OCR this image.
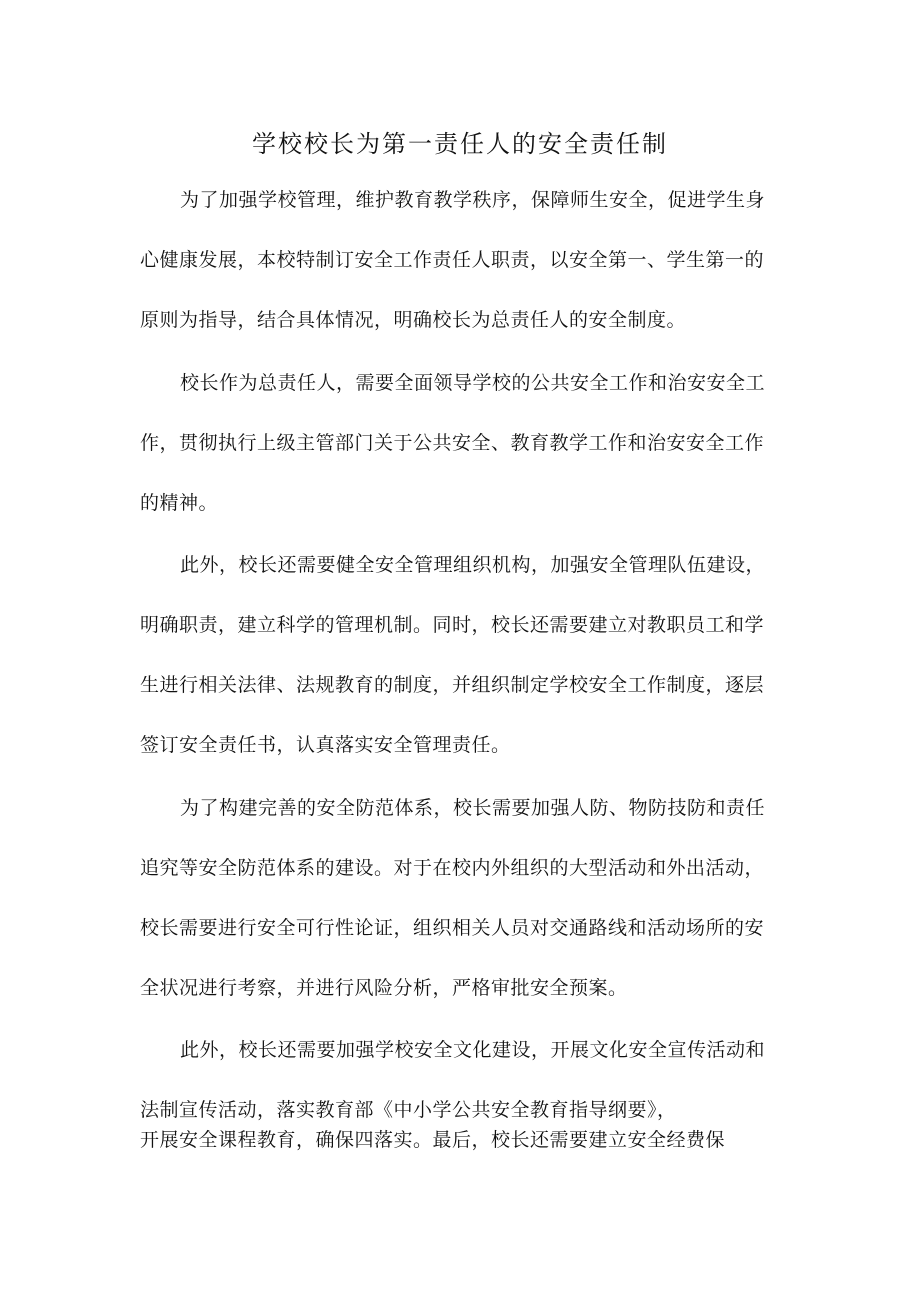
学校校长为第一责任人的安全责任制
为了加强学校管理，维护教育教学秩序，保障师生安全，促进学生身
心健康发展，本校特制订安全工作责任人职责，以安全第一、学生第一的
原则为指导，结合具体情况，明确校长为总责任人的安全制度。
校长作为总责任人，需要全面领导学校的公共安全工作和治安安全工
作，贯彻执行上级主管部门关于公共安全、教育教学工作和治安安全工作
的精神。
此外，校长还需要健全安全管理组织机构，加强安全管理队伍建设，
明确职责，建立科学的管理机制。同时，校长还需要建立对教职员工和学
生进行相关法律、法规教育的制度，并组织制定学校安全工作制度，逐层
签订安全责任书，认真落实安全管理责任。
为了构建完善的安全防范体系，校长需要加强人防、物防技防和责任
追究等安全防范体系的建设。对于在校内外组织的大型活动和外出活动，
校长需要进行安全可行性论证，组织相关人员对交通路线和活动场所的安
全状况进行考察，并进行风险分析，严格审批安全预案。
此外，校长还需要加强学校安全文化建设，开展文化安全宣传活动和
法制宣传活动，落实教育部《中小学公共安全教育指导纲要》，
开展安全课程教育，确保四落实。最后，校长还需要建立安全经费保
